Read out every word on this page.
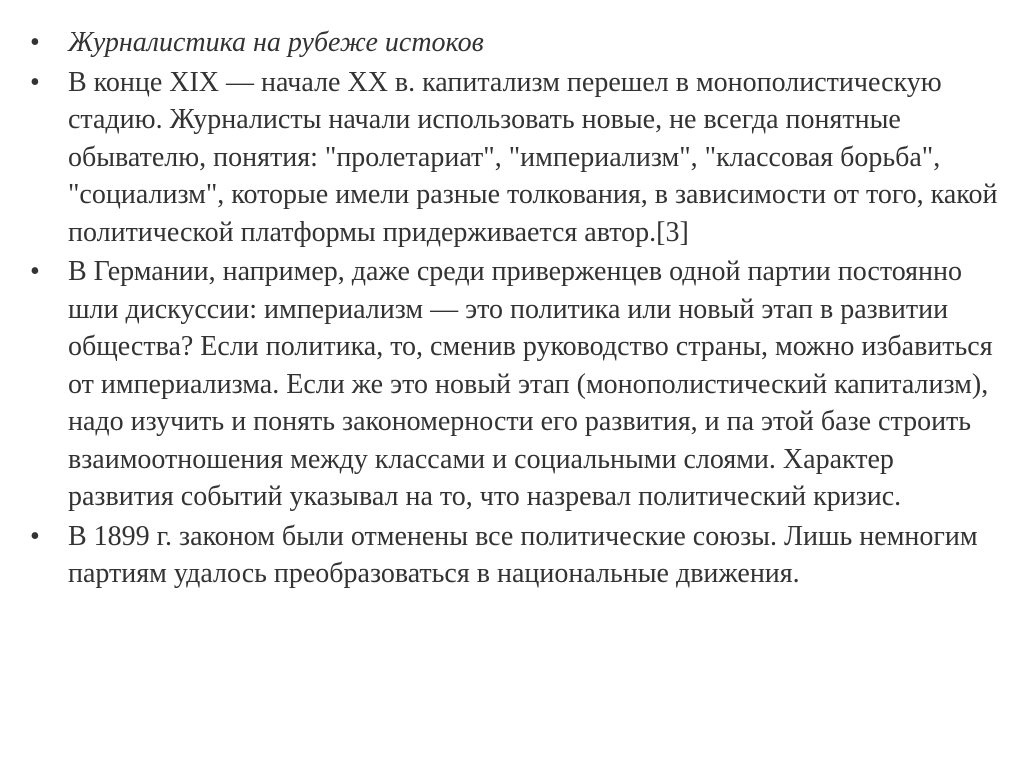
•	Журналистика на рубеже истоков
•	В конце XIX — начале XX в. капитализм перешел в монополистическую стадию. Журналисты начали использовать новые, не всегда понятные обывателю, понятия: "пролетариат", "империализм", "классовая борьба", "социализм", которые имели разные толкования, в зависимости от того, какой политической платформы придерживается автор.[3]
•	В Германии, например, даже среди приверженцев одной партии постоянно шли дискуссии: империализм — это политика или новый этап в развитии общества? Если политика, то, сменив руководство страны, можно избавиться от империализма. Если же это новый этап (монополистический капитализм), надо изучить и понять закономерности его развития, и па этой базе строить взаимоотношения между классами и социальными слоями. Характер развития событий указывал на то, что назревал политический кризис.
•	В 1899 г. законом были отменены все политические союзы. Лишь немногим партиям удалось преобразоваться в национальные движения.
